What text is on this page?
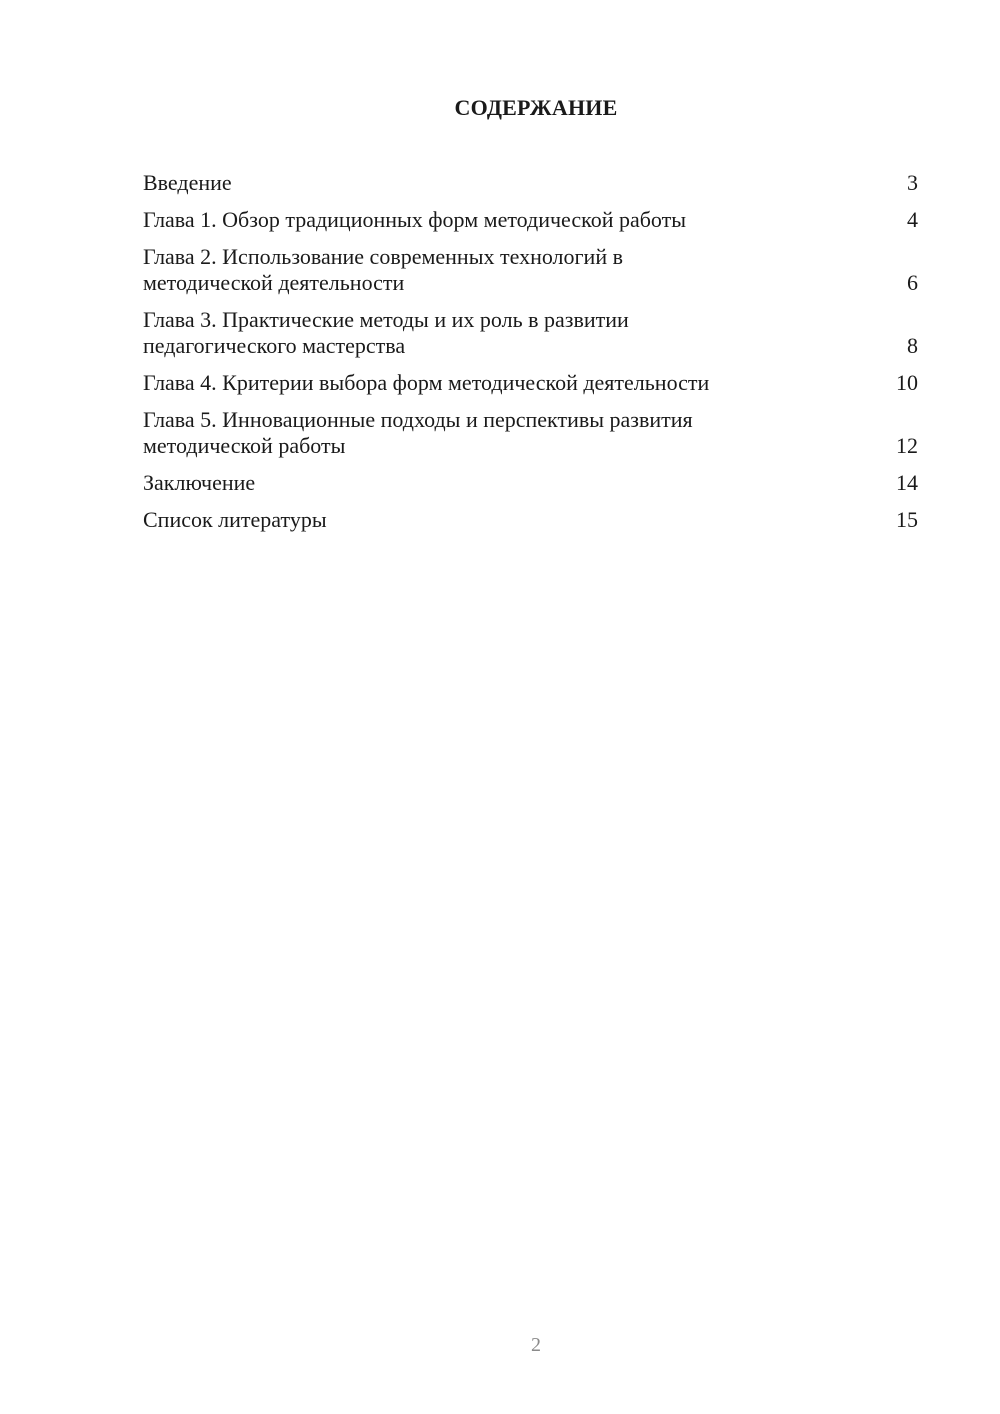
СОДЕРЖАНИЕ
Введение	3
Глава 1. Обзор традиционных форм методической работы	4
Глава 2. Использование современных технологий в
методической деятельности	6
Глава 3. Практические методы и их роль в развитии
педагогического мастерства	8
Глава 4. Критерии выбора форм методической деятельности	10
Глава 5. Инновационные подходы и перспективы развития
методической работы	12
Заключение	14
Список литературы	15
2
